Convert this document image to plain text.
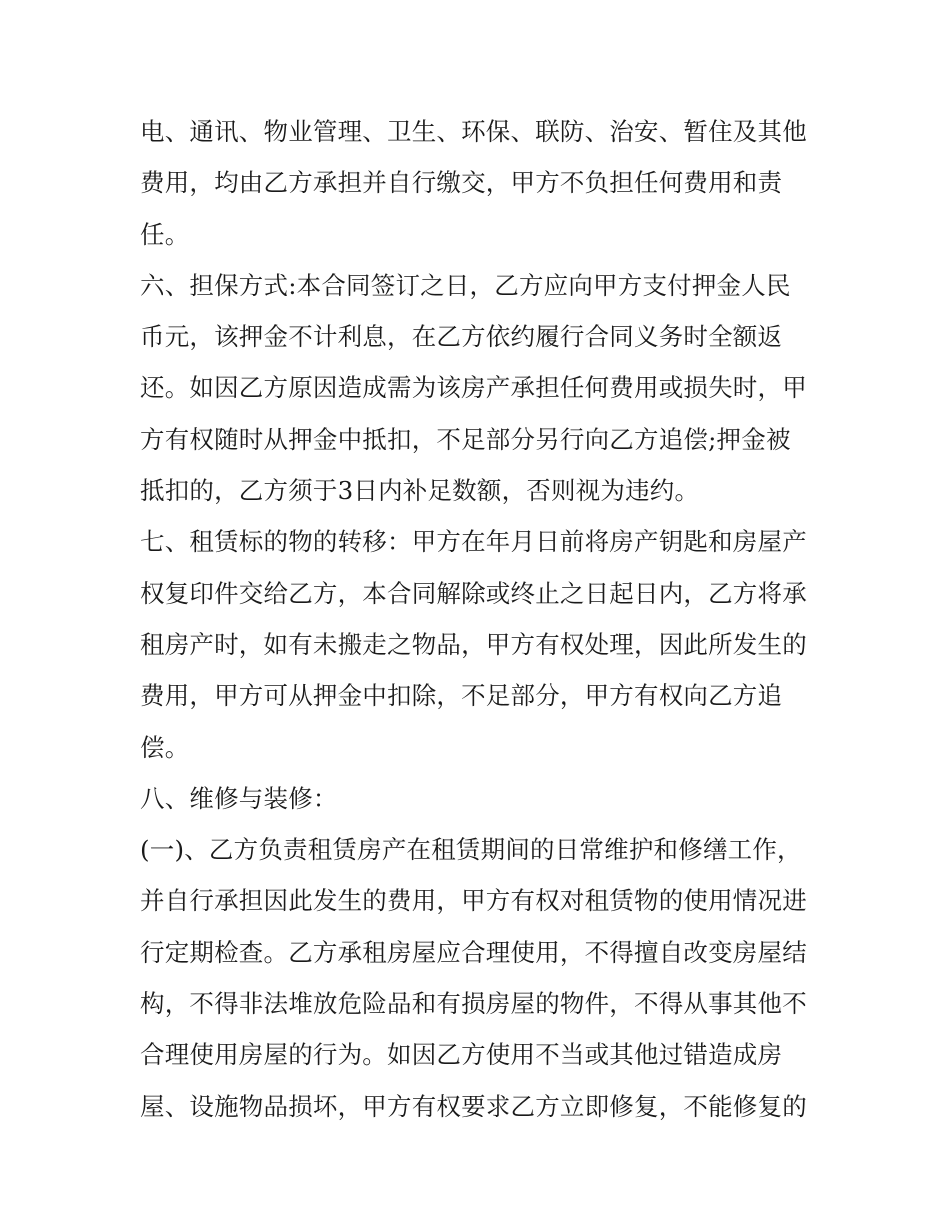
电、通讯、物业管理、卫生、环保、联防、治安、暂住及其他
费用，均由乙方承担并自行缴交，甲方不负担任何费用和责
任。
六、担保方式:本合同签订之日，乙方应向甲方支付押金人民
币元，该押金不计利息，在乙方依约履行合同义务时全额返
还。如因乙方原因造成需为该房产承担任何费用或损失时，甲
方有权随时从押金中抵扣，不足部分另行向乙方追偿;押金被
抵扣的，乙方须于3日内补足数额，否则视为违约。
七、租赁标的物的转移：甲方在年月日前将房产钥匙和房屋产
权复印件交给乙方，本合同解除或终止之日起日内，乙方将承
租房产时，如有未搬走之物品，甲方有权处理，因此所发生的
费用，甲方可从押金中扣除，不足部分，甲方有权向乙方追
偿。
八、维修与装修：
(一)、乙方负责租赁房产在租赁期间的日常维护和修缮工作，
并自行承担因此发生的费用，甲方有权对租赁物的使用情况进
行定期检查。乙方承租房屋应合理使用，不得擅自改变房屋结
构，不得非法堆放危险品和有损房屋的物件，不得从事其他不
合理使用房屋的行为。如因乙方使用不当或其他过错造成房
屋、设施物品损坏，甲方有权要求乙方立即修复，不能修复的
